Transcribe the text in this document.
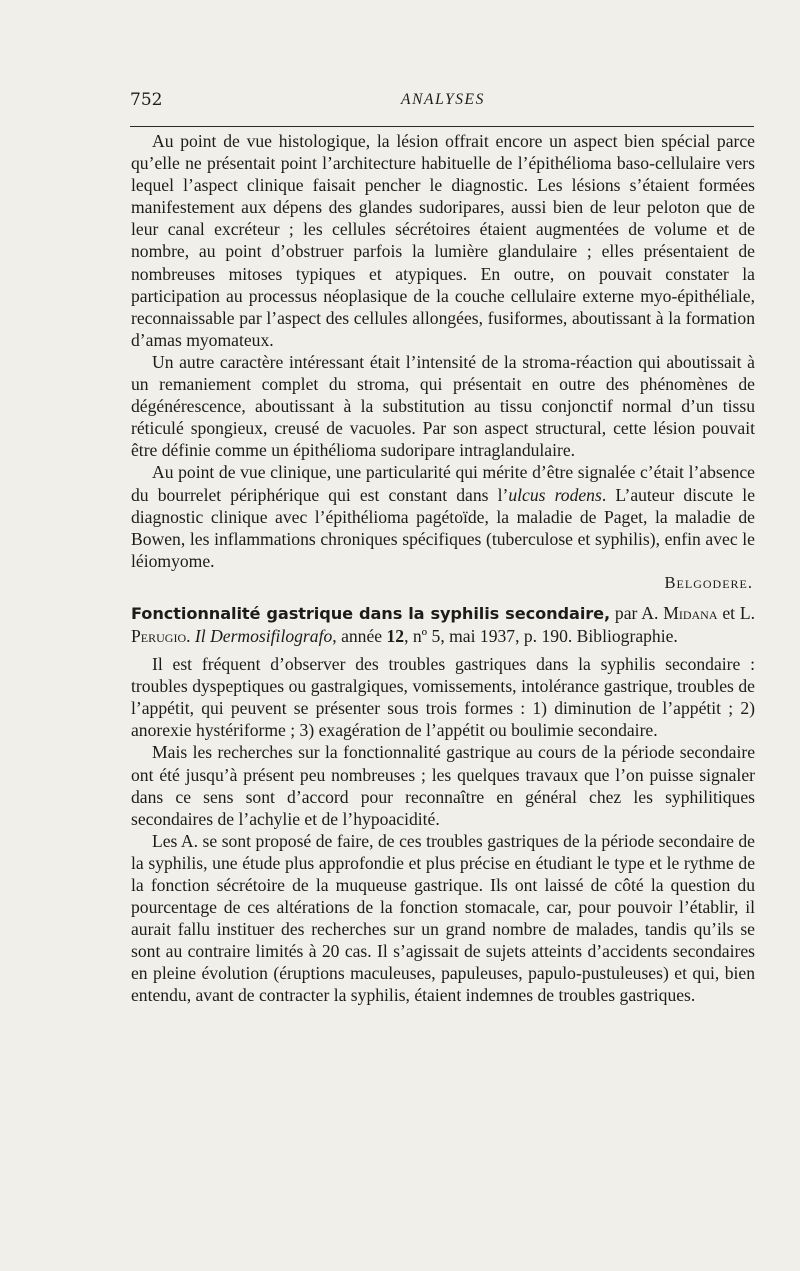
752	ANALYSES

Au point de vue histologique, la lésion offrait encore un aspect bien spécial parce qu’elle ne présentait point l’architecture habituelle de l’épithélioma baso-cellulaire vers lequel l’aspect clinique faisait pencher le diagnostic. Les lésions s’étaient formées manifestement aux dépens des glandes sudoripares, aussi bien de leur peloton que de leur canal excréteur ; les cellules sécrétoires étaient augmentées de volume et de nombre, au point d’obstruer parfois la lumière glandulaire ; elles présentaient de nombreuses mitoses typiques et atypiques. En outre, on pouvait constater la participation au processus néoplasique de la couche cellulaire externe myo-épithéliale, reconnaissable par l’aspect des cellules allongées, fusiformes, aboutissant à la formation d’amas myomateux.

Un autre caractère intéressant était l’intensité de la stroma-réaction qui aboutissait à un remaniement complet du stroma, qui présentait en outre des phénomènes de dégénérescence, aboutissant à la substitution au tissu conjonctif normal d’un tissu réticulé spongieux, creusé de vacuoles. Par son aspect structural, cette lésion pouvait être définie comme un épithélioma sudoripare intraglandulaire.

Au point de vue clinique, une particularité qui mérite d’être signalée c’était l’absence du bourrelet périphérique qui est constant dans l’ulcus rodens. L’auteur discute le diagnostic clinique avec l’épithélioma pagétoïde, la maladie de Paget, la maladie de Bowen, les inflammations chroniques spécifiques (tuberculose et syphilis), enfin avec le léiomyome.

Belgodere.

Fonctionnalité gastrique dans la syphilis secondaire, par A. Midana et L. Perugio. Il Dermosifilografo, année 12, nº 5, mai 1937, p. 190. Bibliographie.

Il est fréquent d’observer des troubles gastriques dans la syphilis secondaire : troubles dyspeptiques ou gastralgiques, vomissements, intolérance gastrique, troubles de l’appétit, qui peuvent se présenter sous trois formes : 1) diminution de l’appétit ; 2) anorexie hystériforme ; 3) exagération de l’appétit ou boulimie secondaire.

Mais les recherches sur la fonctionnalité gastrique au cours de la période secondaire ont été jusqu’à présent peu nombreuses ; les quelques travaux que l’on puisse signaler dans ce sens sont d’accord pour reconnaître en général chez les syphilitiques secondaires de l’achylie et de l’hypoacidité.

Les A. se sont proposé de faire, de ces troubles gastriques de la période secondaire de la syphilis, une étude plus approfondie et plus précise en étudiant le type et le rythme de la fonction sécrétoire de la muqueuse gastrique. Ils ont laissé de côté la question du pourcentage de ces altérations de la fonction stomacale, car, pour pouvoir l’établir, il aurait fallu instituer des recherches sur un grand nombre de malades, tandis qu’ils se sont au contraire limités à 20 cas. Il s’agissait de sujets atteints d’accidents secondaires en pleine évolution (éruptions maculeuses, papuleuses, papulo-pustuleuses) et qui, bien entendu, avant de contracter la syphilis, étaient indemnes de troubles gastriques.
